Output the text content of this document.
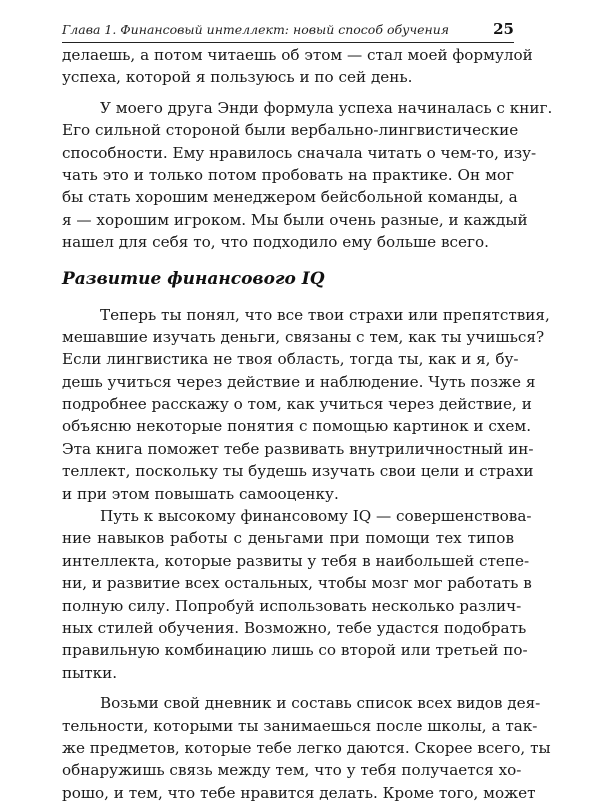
Глава 1. Финансовый интеллект: новый способ обучения	25
делаешь, а потом читаешь об этом — стал моей формулой
успеха, которой я пользуюсь и по сей день.
У моего друга Энди формула успеха начиналась с книг.
Его сильной стороной были вербально-лингвистические
способности. Ему нравилось сначала читать о чем-то, изу-
чать это и только потом пробовать на практике. Он мог
бы стать хорошим менеджером бейсбольной команды, а
я — хорошим игроком. Мы были очень разные, и каждый
нашел для себя то, что подходило ему больше всего.
Развитие финансового IQ
Теперь ты понял, что все твои страхи или препятствия,
мешавшие изучать деньги, связаны с тем, как ты учишься?
Если лингвистика не твоя область, тогда ты, как и я, бу-
дешь учиться через действие и наблюдение. Чуть позже я
подробнее расскажу о том, как учиться через действие, и
объясню некоторые понятия с помощью картинок и схем.
Эта книга поможет тебе развивать внутриличностный ин-
теллект, поскольку ты будешь изучать свои цели и страхи
и при этом повышать самооценку.
Путь к высокому финансовому IQ — совершенствова-
ние навыков работы с деньгами при помощи тех типов
интеллекта, которые развиты у тебя в наибольшей степе-
ни, и развитие всех остальных, чтобы мозг мог работать в
полную силу. Попробуй использовать несколько различ-
ных стилей обучения. Возможно, тебе удастся подобрать
правильную комбинацию лишь со второй или третьей по-
пытки.
Возьми свой дневник и составь список всех видов дея-
тельности, которыми ты занимаешься после школы, а так-
же предметов, которые тебе легко даются. Скорее всего, ты
обнаружишь связь между тем, что у тебя получается хо-
рошо, и тем, что тебе нравится делать. Кроме того, может
